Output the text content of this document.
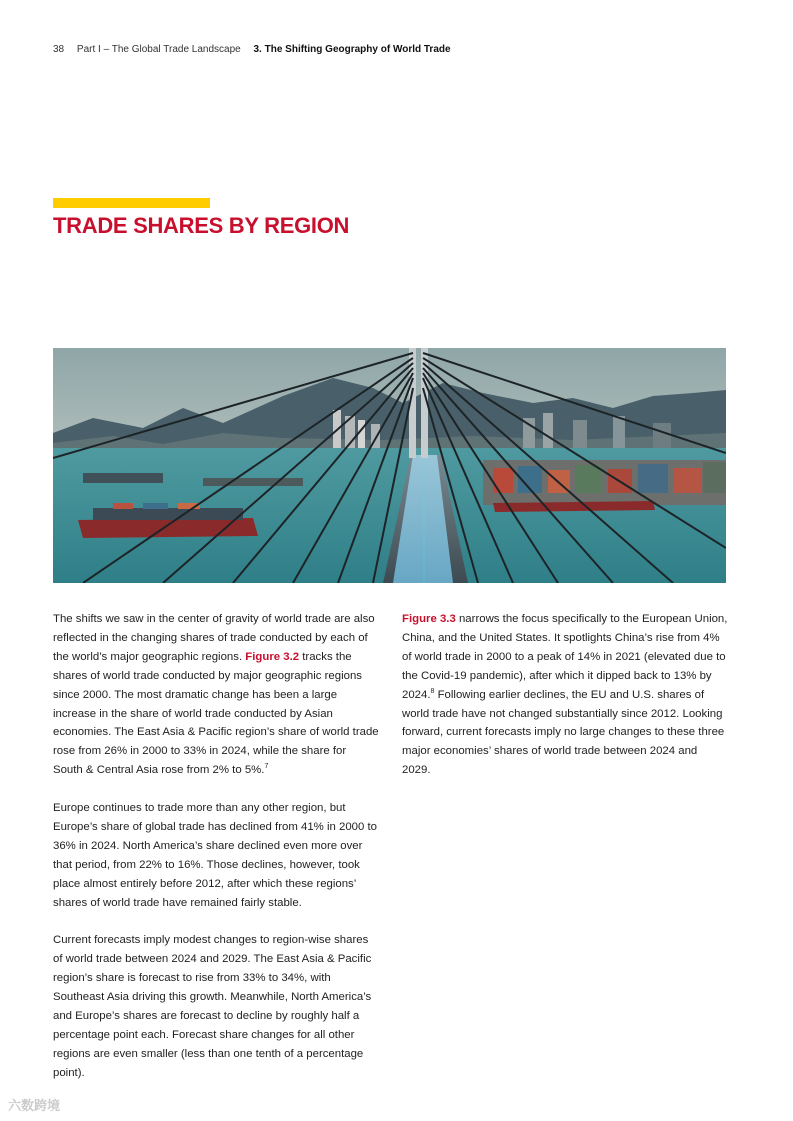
38 Part I – The Global Trade Landscape 3. The Shifting Geography of World Trade
TRADE SHARES BY REGION

The shifts we saw in the center of gravity of world trade are also reflected in the changing shares of trade conducted by each of the world’s major geographic regions. Figure 3.2 tracks the shares of world trade conducted by major geographic regions since 2000. The most dramatic change has been a large increase in the share of world trade conducted by Asian economies. The East Asia & Pacific region’s share of world trade rose from 26% in 2000 to 33% in 2024, while the share for South & Central Asia rose from 2% to 5%.$^7$

Europe continues to trade more than any other region, but Europe’s share of global trade has declined from 41% in 2000 to 36% in 2024. North America’s share declined even more over that period, from 22% to 16%. Those declines, however, took place almost entirely before 2012, after which these regions’ shares of world trade have remained fairly stable.

Current forecasts imply modest changes to region-wise shares of world trade between 2024 and 2029. The East Asia & Pacific region’s share is forecast to rise from 33% to 34%, with Southeast Asia driving this growth. Meanwhile, North America’s and Europe’s shares are forecast to decline by roughly half a percentage point each. Forecast share changes for all other regions are even smaller (less than one tenth of a percentage point).

Figure 3.3 narrows the focus specifically to the European Union, China, and the United States. It spotlights China’s rise from 4% of world trade in 2000 to a peak of 14% in 2021 (elevated due to the Covid-19 pandemic), after which it dipped back to 13% by 2024.$^8$ Following earlier declines, the EU and U.S. shares of world trade have not changed substantially since 2012. Looking forward, current forecasts imply no large changes to these three major economies’ shares of world trade between 2024 and 2029.

六数跨境
